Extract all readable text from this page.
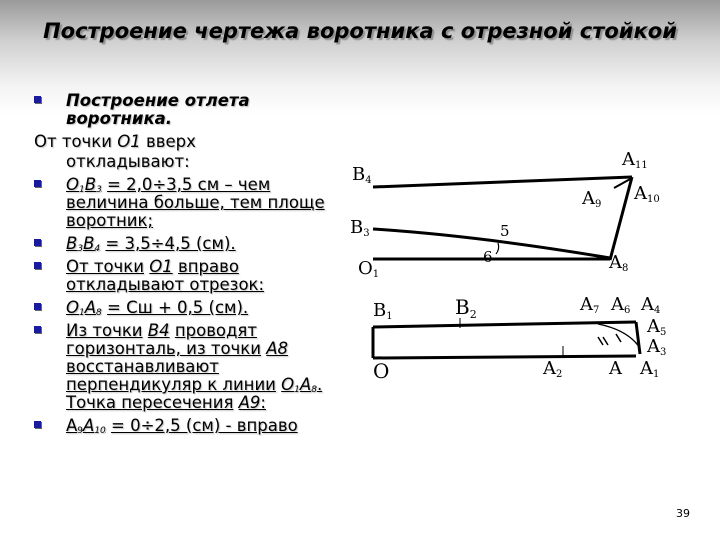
Построение чертежа воротника с отрезной стойкой
Построение отлета воротника.
От точки O1 вверх
откладывают:
$O_1B_3 = 2,0\div 3,5$ см – чем величина больше, тем площе воротник;
$B_3B_4 = 3,5\div 4,5$ (см).
От точки О1 вправо откладывают отрезок:
$О_1А_8$ = Сш + 0,5 (см).
Из точки В4 проводят горизонталь, из точки А8 восстанавливают перпендикуляр к линии $О_1А_8$. Точка пересечения А9:
$А_9А_{10} = 0\div 2,5$ (см) - вправо
B4
A11
A9
A10
B3	5
6
O1
A8
B1	$B_2$	A7 A6 A4
A5
A3
O	A2	A A1
39
